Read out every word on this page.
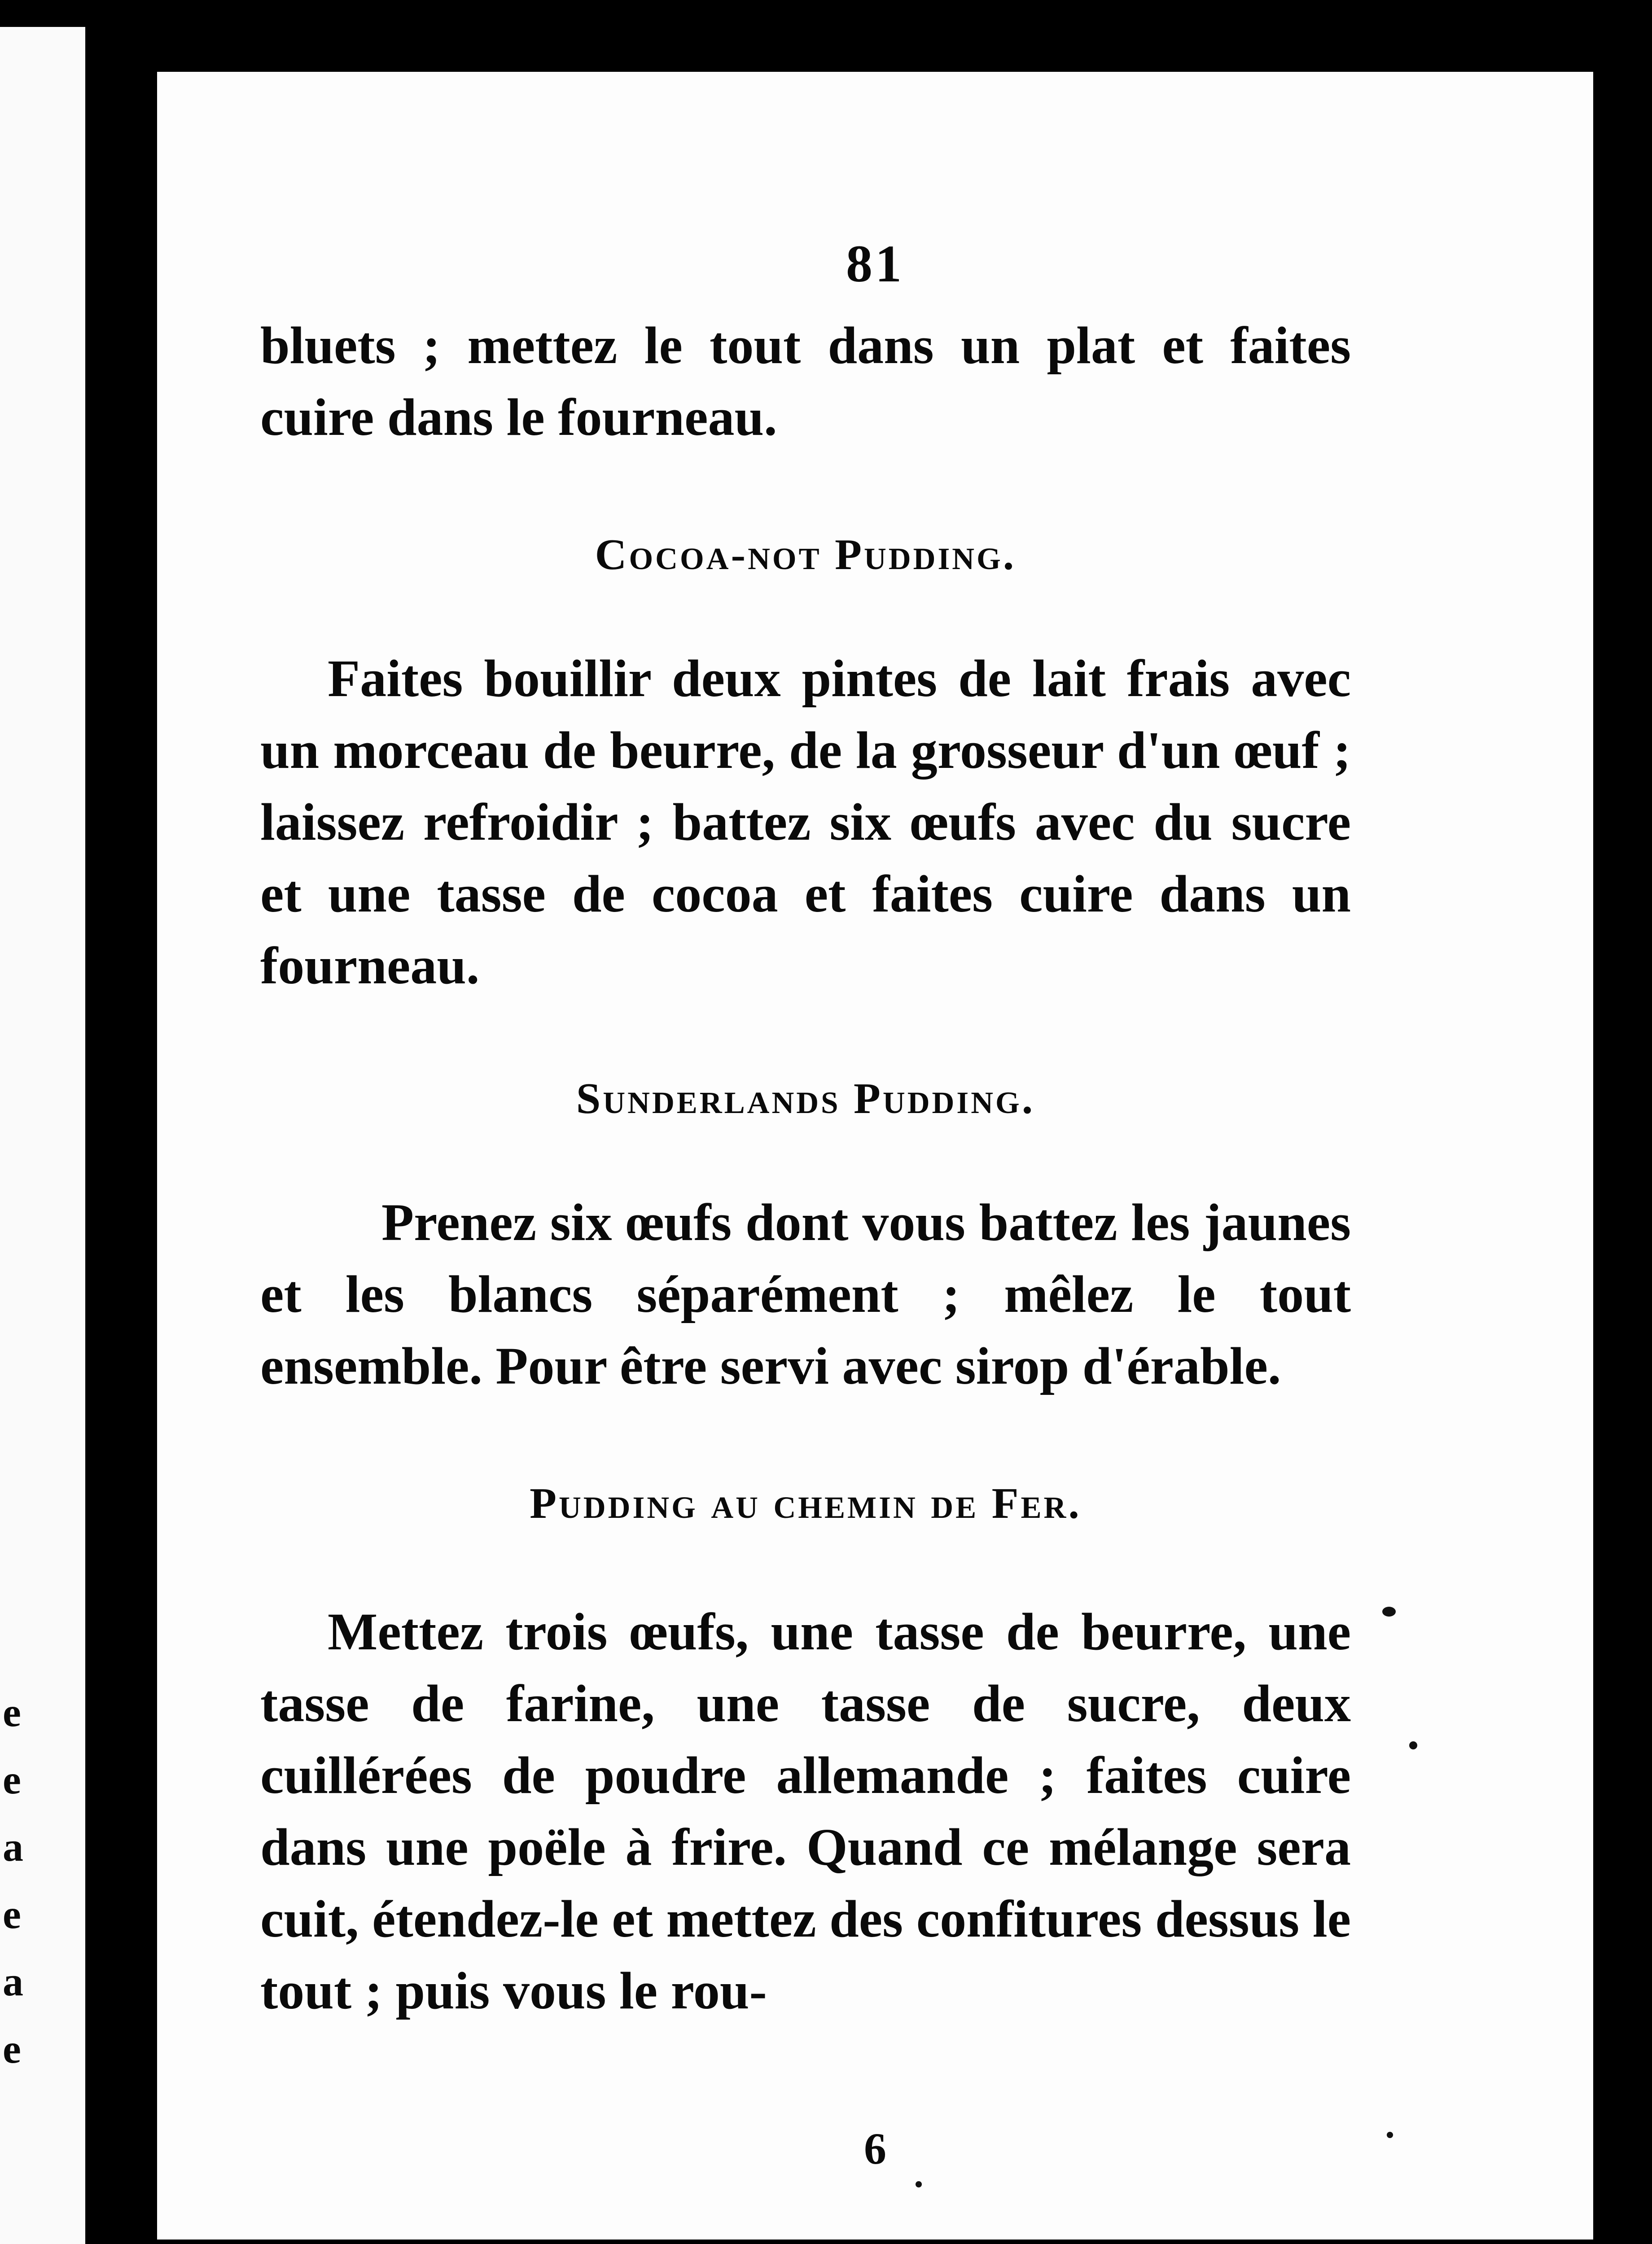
e
e
a
e
a
e
81

bluets ; mettez le tout dans un plat et faites cuire dans le fourneau.

Cocoa-not Pudding.

Faites bouillir deux pintes de lait frais avec un morceau de beurre, de la grosseur d'un œuf ; laissez refroidir ; battez six œufs avec du sucre et une tasse de cocoa et faites cuire dans un fourneau.

Sunderlands Pudding.

Prenez six œufs dont vous battez les jaunes et les blancs séparément ; mêlez le tout ensemble. Pour être servi avec sirop d'érable.

Pudding au chemin de Fer.

Mettez trois œufs, une tasse de beurre, une tasse de farine, une tasse de sucre, deux cuillérées de poudre allemande ; faites cuire dans une poële à frire. Quand ce mélange sera cuit, étendez-le et mettez des confitures dessus le tout ; puis vous le rou-

6
